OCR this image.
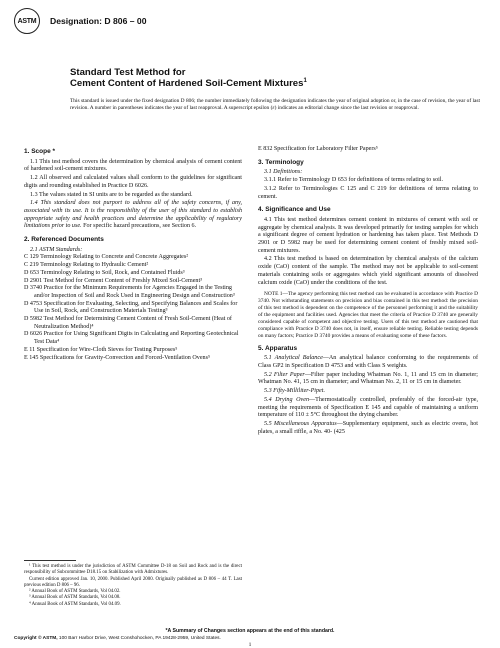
ASTM Designation: D 806 – 00
Standard Test Method for
Cement Content of Hardened Soil-Cement Mixtures$^1$
This standard is issued under the fixed designation D 806; the number immediately following the designation indicates the year of original adoption or, in the case of revision, the year of last revision. A number in parentheses indicates the year of last reapproval. A superscript epsilon (ε) indicates an editorial change since the last revision or reapproval.
1. Scope *

1.1 This test method covers the determination by chemical analysis of cement content of hardened soil-cement mixtures.

1.2 All observed and calculated values shall conform to the guidelines for significant digits and rounding established in Practice D 6026.

1.3 The values stated in SI units are to be regarded as the standard.

1.4 This standard does not purport to address all of the safety concerns, if any, associated with its use. It is the responsibility of the user of this standard to establish appropriate safety and health practices and determine the applicability of regulatory limitations prior to use. For specific hazard precautions, see Section 6.

2. Referenced Documents

2.1 ASTM Standards:

C 129 Terminology Relating to Concrete and Concrete Aggregates²

C 219 Terminology Relating to Hydraulic Cement²

D 653 Terminology Relating to Soil, Rock, and Contained Fluids³

D 2901 Test Method for Cement Content of Freshly Mixed Soil-Cement³

D 3740 Practice for the Minimum Requirements for Agencies Engaged in the Testing and/or Inspection of Soil and Rock Used in Engineering Design and Construction³

D 4753 Specification for Evaluating, Selecting, and Specifying Balances and Scales for Use in Soil, Rock, and Construction Materials Testing³

D 5982 Test Method for Determining Cement Content of Fresh Soil-Cement (Heat of Neutralization Method)⁴

D 6026 Practice for Using Significant Digits in Calculating and Reporting Geotechnical Test Data⁴

E 11 Specification for Wire-Cloth Sieves for Testing Purposes⁵

E 145 Specifications for Gravity-Convection and Forced-Ventilation Ovens⁵

E 832 Specification for Laboratory Filter Papers⁵

3. Terminology

3.1 Definitions:

3.1.1 Refer to Terminology D 653 for definitions of terms relating to soil.

3.1.2 Refer to Terminologies C 125 and C 219 for definitions of terms relating to cement.

4. Significance and Use

4.1 This test method determines cement content in mixtures of cement with soil or aggregate by chemical analysis. It was developed primarily for testing samples for which a significant degree of cement hydration or hardening has taken place. Test Methods D 2901 or D 5982 may be used for determining cement content of freshly mixed soil-cement mixtures.

4.2 This test method is based on determination by chemical analysis of the calcium oxide (CaO) content of the sample. The method may not be applicable to soil-cement materials containing soils or aggregates which yield significant amounts of dissolved calcium oxide (CaO) under the conditions of the test.

NOTE 1—The agency performing this test method can be evaluated in accordance with Practice D 3740. Not withstanding statements on precision and bias contained in this test method: the precision of this test method is dependent on the competence of the personnel performing it and the suitability of the equipment and facilities used. Agencies that meet the criteria of Practice D 3740 are generally considered capable of competent and objective testing. Users of this test method are cautioned that compliance with Practice D 3740 does not, in itself, ensure reliable testing. Reliable testing depends on many factors; Practice D 3740 provides a means of evaluating some of these factors.

5. Apparatus

5.1 Analytical Balance—An analytical balance conforming to the requirements of Class GP2 in Specification D 4753 and with Class S weights.

5.2 Filter Paper—Filter paper including Whatman No. 1, 11 and 15 cm in diameter; Whatman No. 41, 15 cm in diameter; and Whatman No. 2, 11 or 15 cm in diameter.

5.3 Fifty-Milliliter-Pipet.

5.4 Drying Oven—Thermostatically controlled, preferably of the forced-air type, meeting the requirements of Specification E 145 and capable of maintaining a uniform temperature of 110 ± 5°C throughout the drying chamber.

5.5 Miscellaneous Apparatus—Supplementary equipment, such as electric ovens, hot plates, a small riffle, a No. 40- (425

¹ This test method is under the jurisdiction of ASTM Committee D-18 on Soil and Rock and is the direct responsibility of Subcommittee D18.15 on Stabilization with Admixtures.

Current edition approved Jan. 10, 2000. Published April 2000. Originally published as D 806 – 44 T. Last previous edition D 806 – 96.

² Annual Book of ASTM Standards, Vol 04.02.

³ Annual Book of ASTM Standards, Vol 04.08.

⁴ Annual Book of ASTM Standards, Vol 04.09.

*A Summary of Changes section appears at the end of this standard.
Copyright © ASTM, 100 Barr Harbor Drive, West Conshohocken, PA 19428-2959, United States.
1
